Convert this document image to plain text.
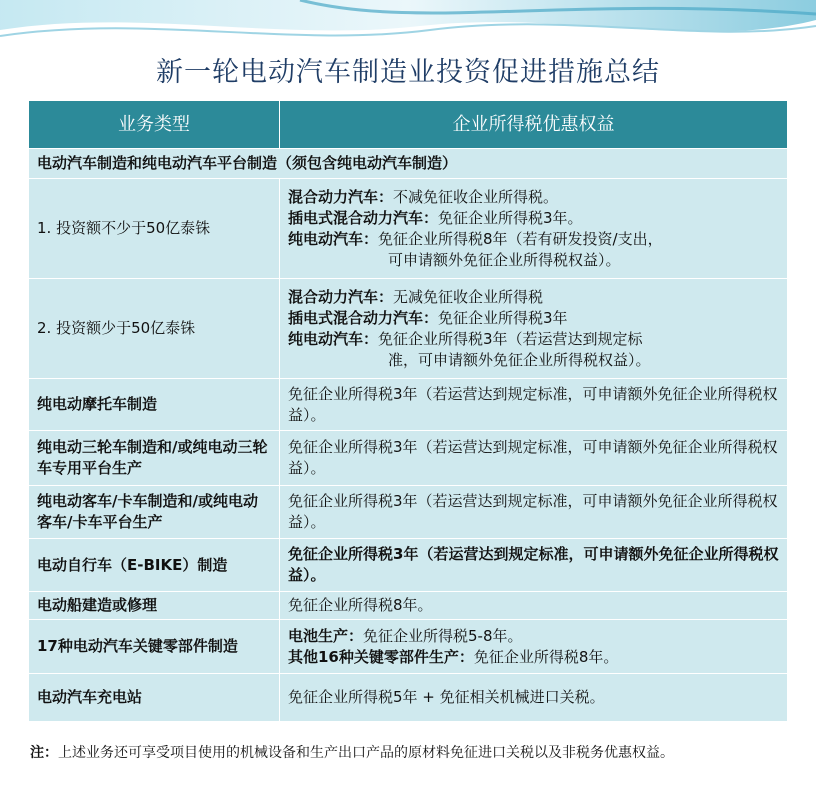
新一轮电动汽车制造业投资促进措施总结
业务类型	企业所得税优惠权益
电动汽车制造和纯电动汽车平台制造（须包含纯电动汽车制造）	
1. 投资额不少于50亿泰铢	混合动力汽车：不减免征收企业所得税。
插电式混合动力汽车：免征企业所得税3年。
纯电动汽车：免征企业所得税8年（若有研发投资/支出，
可申请额外免征企业所得税权益）。

2. 投资额少于50亿泰铢	混合动力汽车：无减免征收企业所得税
插电式混合动力汽车：免征企业所得税3年
纯电动汽车：免征企业所得税3年（若运营达到规定标
准，可申请额外免征企业所得税权益）。

纯电动摩托车制造	免征企业所得税3年（若运营达到规定标准，可申请额外免征企业所得税权益）。
纯电动三轮车制造和/或纯电动三轮车专用平台生产	免征企业所得税3年（若运营达到规定标准，可申请额外免征企业所得税权益）。
纯电动客车/卡车制造和/或纯电动客车/卡车平台生产	免征企业所得税3年（若运营达到规定标准，可申请额外免征企业所得税权益）。
电动自行车（E-BIKE）制造	免征企业所得税3年（若运营达到规定标准，可申请额外免征企业所得税权益）。
电动船建造或修理	免征企业所得税8年。
17种电动汽车关键零部件制造	电池生产：免征企业所得税5-8年。
其他16种关键零部件生产：免征企业所得税8年。

电动汽车充电站	免征企业所得税5年 + 免征相关机械进口关税。
注：上述业务还可享受项目使用的机械设备和生产出口产品的原材料免征进口关税以及非税务优惠权益。
